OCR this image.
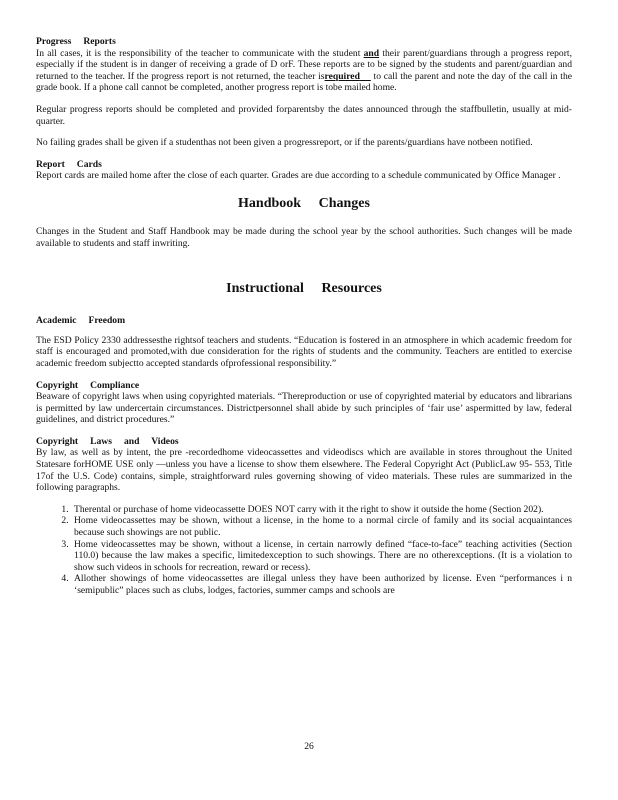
Progress     Reports

In all cases, it is the responsibility of the teacher to communicate with the student and their parent/guardians through a progress report, especially if the student is in danger of receiving a grade of D orF. These reports are to be signed by the students and parent/guardian and returned to the teacher. If the progress report is not returned, the teacher isrequired     to call the parent and note the day of the call in the grade book. If a phone call cannot be completed, another progress report is tobe mailed home.

Regular progress reports should be completed and provided forparentsby the dates announced through the staffbulletin, usually at mid- quarter.

No failing grades shall be given if a studenthas not been given a progressreport, or if the parents/guardians have notbeen notified.

Report     Cards

Report cards are mailed home after the close of each quarter. Grades are due according to a schedule communicated by Office Manager .

Handbook     Changes

Changes in the Student and Staff Handbook may be made during the school year by the school authorities. Such changes will be made available to students and staff inwriting.

Instructional     Resources
Academic     Freedom

The ESD Policy 2330 addressesthe rightsof teachers and students. “Education is fostered in an atmosphere in which academic freedom for staff is encouraged and promoted,with due consideration for the rights of students and the community. Teachers are entitled to exercise academic freedom subjectto accepted standards ofprofessional responsibility.”

Copyright     Compliance

Beaware of copyright laws when using copyrighted materials. “Thereproduction or use of copyrighted material by educators and librarians is permitted by law undercertain circumstances. Districtpersonnel shall abide by such principles of ‘fair use’ aspermitted by law, federal guidelines, and district procedures.”

Copyright     Laws     and     Videos

By law, as well as by intent, the pre -recordedhome videocassettes and videodiscs which are available in stores throughout the United Statesare forHOME USE only —unless you have a license to show them elsewhere. The Federal Copyright Act (PublicLaw 95- 553, Title 17of the U.S. Code) contains, simple, straightforward rules governing showing of video materials. These rules are summarized in the following paragraphs.

1. Therental or purchase of home videocassette DOES NOT carry with it the right to show it outside the home (Section 202).
2. Home videocassettes may be shown, without a license, in the home to a normal circle of family and its social acquaintances because such showings are not public.
3. Home videocassettes may be shown, without a license, in certain narrowly defined “face-to-face” teaching activities (Section 110.0) because the law makes a specific, limitedexception to such showings. There are no otherexceptions. (It is a violation to show such videos in schools for recreation, reward or recess).
4. Allother showings of home videocassettes are illegal unless they have been authorized by license. Even “performances i n ‘semipublic” places such as clubs, lodges, factories, summer camps and schools are
26
